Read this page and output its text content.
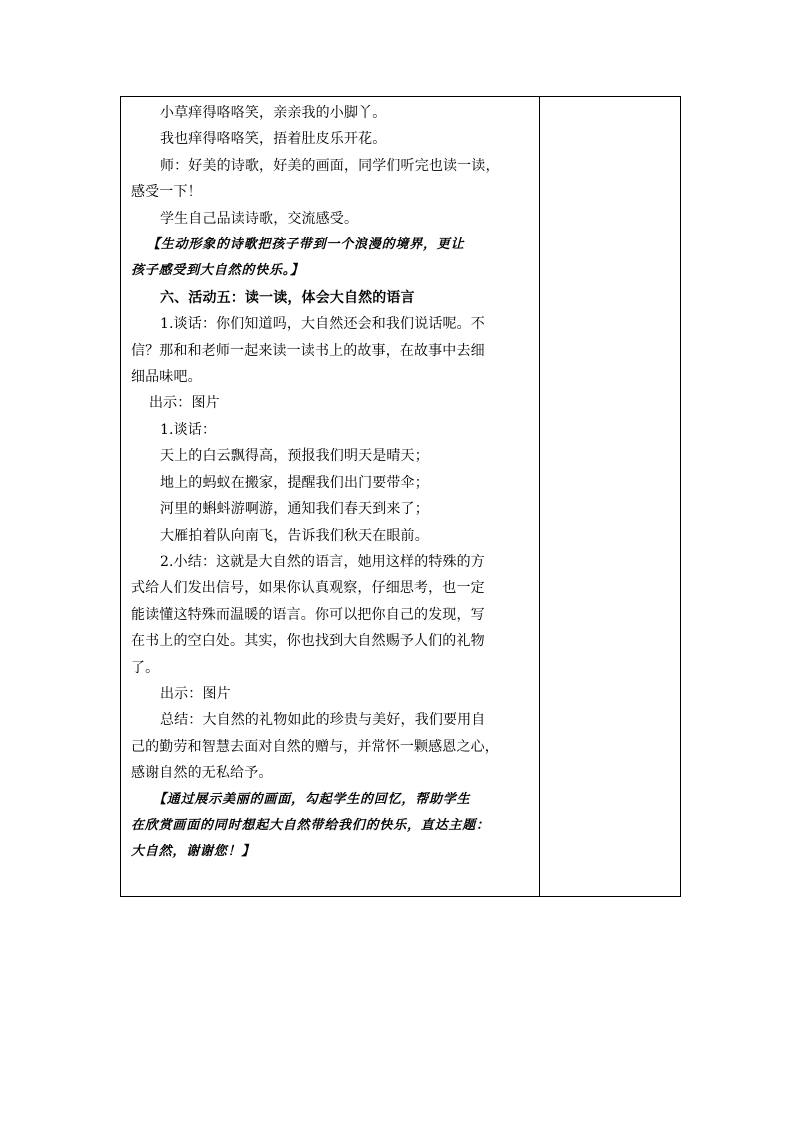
小草痒得咯咯笑，亲亲我的小脚丫。

我也痒得咯咯笑，捂着肚皮乐开花。

师：好美的诗歌，好美的画面，同学们听完也读一读，

感受一下！

学生自己品读诗歌，交流感受。

【生动形象的诗歌把孩子带到一个浪漫的境界，更让

孩子感受到大自然的快乐。】

六、活动五：读一读，体会大自然的语言

1.谈话：你们知道吗，大自然还会和我们说话呢。不

信？那和和老师一起来读一读书上的故事，在故事中去细

细品味吧。

出示：图片

1.谈话：

天上的白云飘得高，预报我们明天是晴天；

地上的蚂蚁在搬家，提醒我们出门要带伞；

河里的蝌蚪游啊游，通知我们春天到来了；

大雁拍着队向南飞，告诉我们秋天在眼前。

2.小结：这就是大自然的语言，她用这样的特殊的方

式给人们发出信号，如果你认真观察，仔细思考，也一定

能读懂这特殊而温暖的语言。你可以把你自己的发现，写

在书上的空白处。其实，你也找到大自然赐予人们的礼物

了。

出示：图片

总结：大自然的礼物如此的珍贵与美好，我们要用自

己的勤劳和智慧去面对自然的赠与，并常怀一颗感恩之心，

感谢自然的无私给予。

【通过展示美丽的画面，勾起学生的回忆，帮助学生

在欣赏画面的同时想起大自然带给我们的快乐，直达主题：

大自然，谢谢您！】
